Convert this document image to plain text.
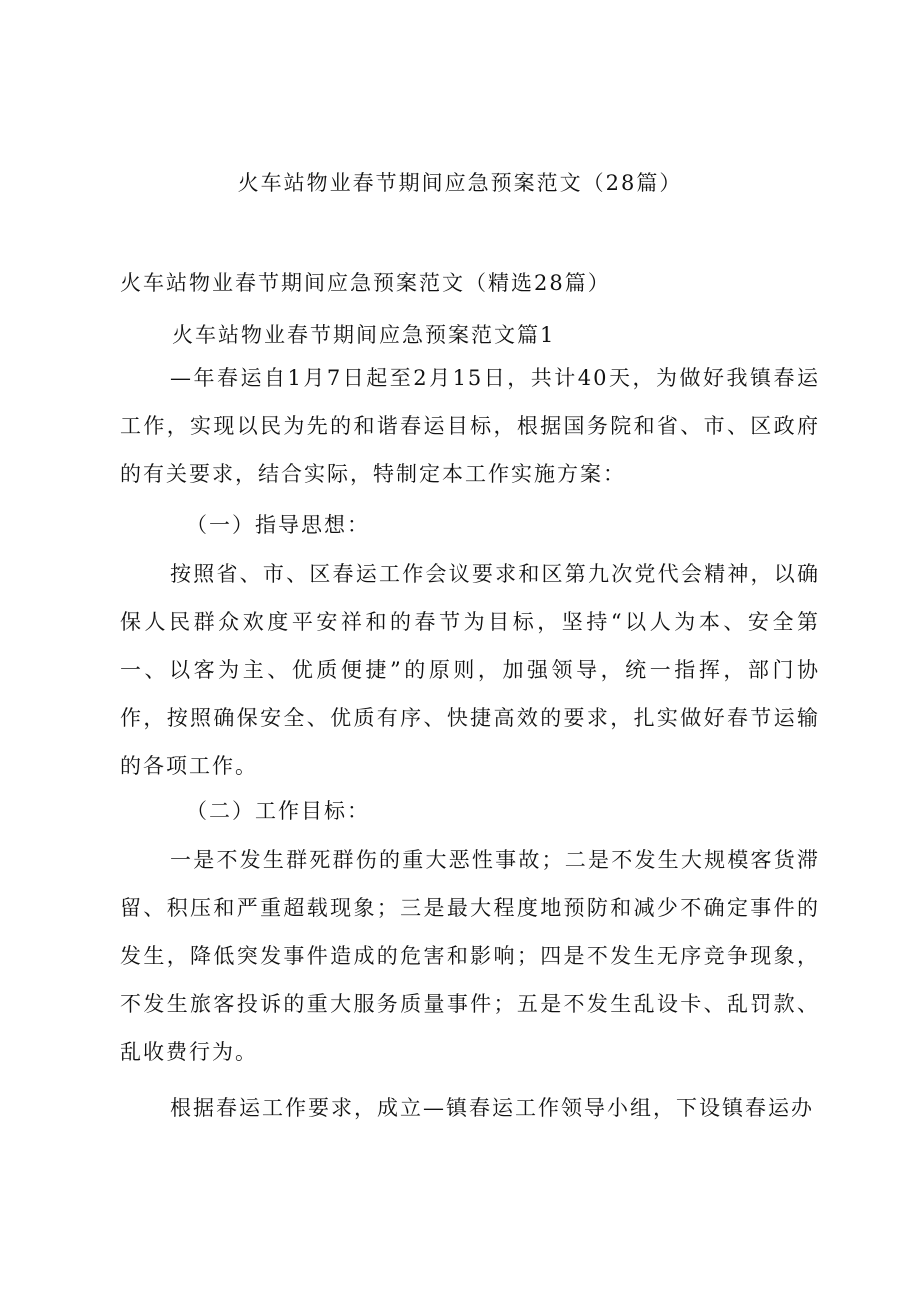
火车站物业春节期间应急预案范文（28篇）
火车站物业春节期间应急预案范文（精选28篇）
火车站物业春节期间应急预案范文篇1

—年春运自1月7日起至2月15日，共计40天，为做好我镇春运工作，实现以民为先的和谐春运目标，根据国务院和省、市、区政府的有关要求，结合实际，特制定本工作实施方案：

（一）指导思想：

按照省、市、区春运工作会议要求和区第九次党代会精神，以确保人民群众欢度平安祥和的春节为目标，坚持“以人为本、安全第一、以客为主、优质便捷”的原则，加强领导，统一指挥，部门协作，按照确保安全、优质有序、快捷高效的要求，扎实做好春节运输的各项工作。

（二）工作目标：

一是不发生群死群伤的重大恶性事故；二是不发生大规模客货滞留、积压和严重超载现象；三是最大程度地预防和减少不确定事件的发生，降低突发事件造成的危害和影响；四是不发生无序竞争现象，不发生旅客投诉的重大服务质量事件；五是不发生乱设卡、乱罚款、乱收费行为。

根据春运工作要求，成立—镇春运工作领导小组，下设镇春运办
